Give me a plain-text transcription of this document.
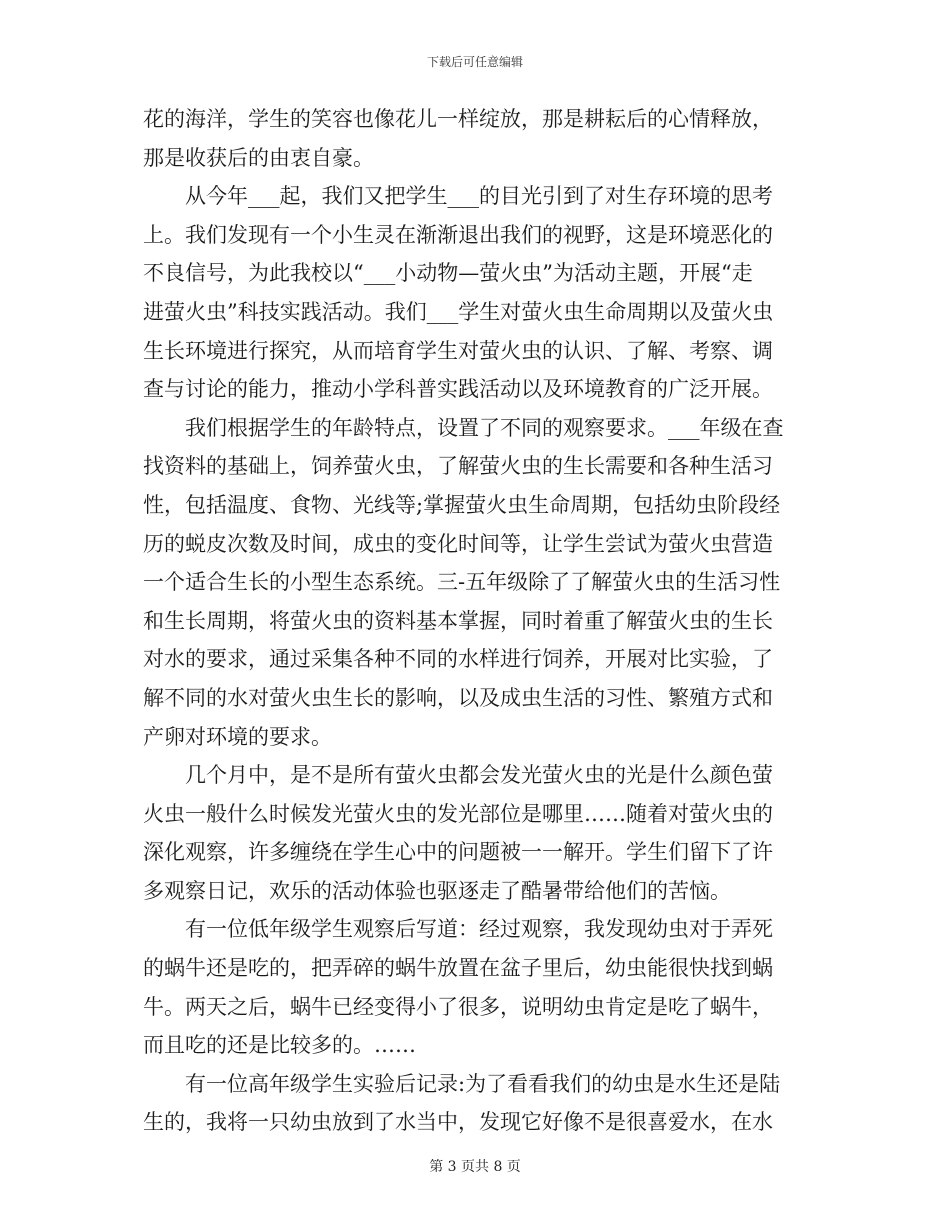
下载后可任意编辑
花的海洋，学生的笑容也像花儿一样绽放，那是耕耘后的心情释放，
那是收获后的由衷自豪。
从今年___起，我们又把学生___的目光引到了对生存环境的思考
上。我们发现有一个小生灵在渐渐退出我们的视野，这是环境恶化的
不良信号，为此我校以“___小动物—萤火虫”为活动主题，开展“走
进萤火虫”科技实践活动。我们___学生对萤火虫生命周期以及萤火虫
生长环境进行探究，从而培育学生对萤火虫的认识、了解、考察、调
查与讨论的能力，推动小学科普实践活动以及环境教育的广泛开展。
我们根据学生的年龄特点，设置了不同的观察要求。___年级在查
找资料的基础上，饲养萤火虫，了解萤火虫的生长需要和各种生活习
性，包括温度、食物、光线等;掌握萤火虫生命周期，包括幼虫阶段经
历的蜕皮次数及时间，成虫的变化时间等，让学生尝试为萤火虫营造
一个适合生长的小型生态系统。三-五年级除了了解萤火虫的生活习性
和生长周期，将萤火虫的资料基本掌握，同时着重了解萤火虫的生长
对水的要求，通过采集各种不同的水样进行饲养，开展对比实验，了
解不同的水对萤火虫生长的影响，以及成虫生活的习性、繁殖方式和
产卵对环境的要求。
几个月中，是不是所有萤火虫都会发光萤火虫的光是什么颜色萤
火虫一般什么时候发光萤火虫的发光部位是哪里……随着对萤火虫的
深化观察，许多缠绕在学生心中的问题被一一解开。学生们留下了许
多观察日记，欢乐的活动体验也驱逐走了酷暑带给他们的苦恼。
有一位低年级学生观察后写道：经过观察，我发现幼虫对于弄死
的蜗牛还是吃的，把弄碎的蜗牛放置在盆子里后，幼虫能很快找到蜗
牛。两天之后，蜗牛已经变得小了很多，说明幼虫肯定是吃了蜗牛，
而且吃的还是比较多的。……
有一位高年级学生实验后记录:为了看看我们的幼虫是水生还是陆
生的，我将一只幼虫放到了水当中，发现它好像不是很喜爱水，在水
第 3 页共 8 页
